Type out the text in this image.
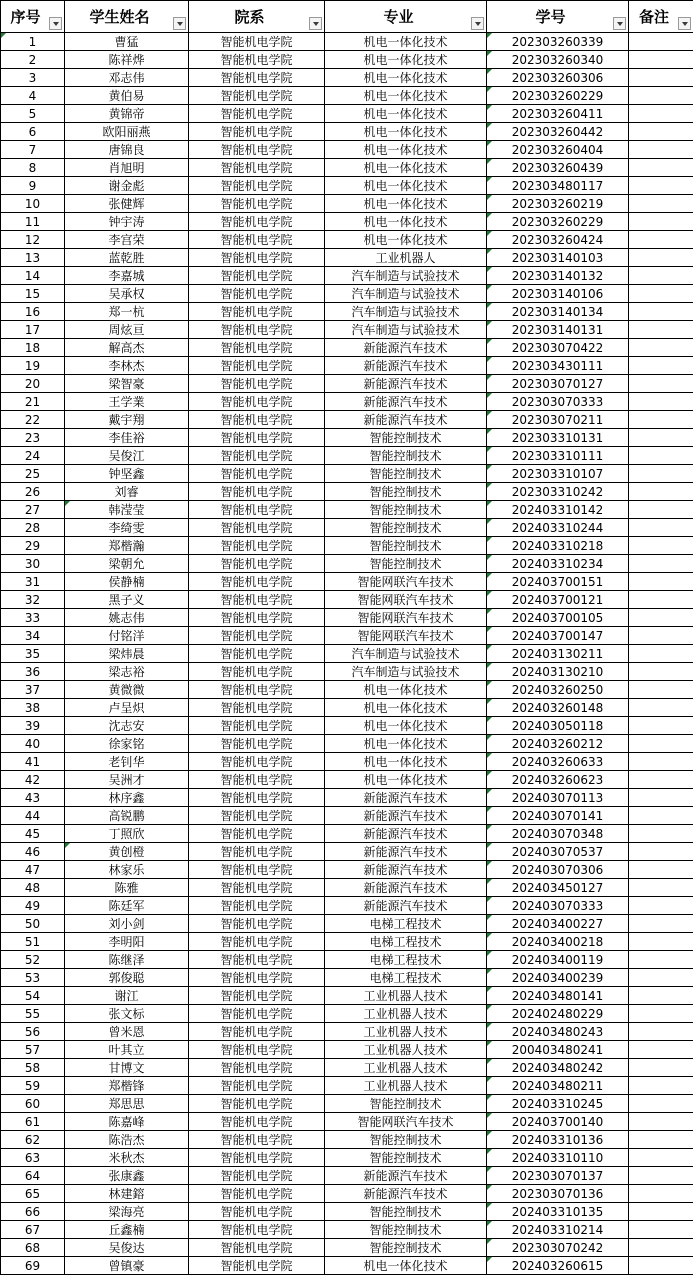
序号	学生姓名	院系	专业	学号	备注

1	曹猛	智能机电学院	机电一体化技术	202303260339	
2	陈祥烨	智能机电学院	机电一体化技术	202303260340	
3	邓志伟	智能机电学院	机电一体化技术	202303260306	
4	黄伯易	智能机电学院	机电一体化技术	202303260229	
5	黄锦帝	智能机电学院	机电一体化技术	202303260411	
6	欧阳丽燕	智能机电学院	机电一体化技术	202303260442	
7	唐锦良	智能机电学院	机电一体化技术	202303260404	
8	肖旭明	智能机电学院	机电一体化技术	202303260439	
9	谢金彪	智能机电学院	机电一体化技术	202303480117	
10	张健辉	智能机电学院	机电一体化技术	202303260219	
11	钟宇涛	智能机电学院	机电一体化技术	202303260229	
12	李宫荣	智能机电学院	机电一体化技术	202303260424	
13	蓝乾胜	智能机电学院	工业机器人	202303140103	
14	李嘉城	智能机电学院	汽车制造与试验技术	202303140132	
15	吴承权	智能机电学院	汽车制造与试验技术	202303140106	
16	郑一杭	智能机电学院	汽车制造与试验技术	202303140134	
17	周炫亘	智能机电学院	汽车制造与试验技术	202303140131	
18	解高杰	智能机电学院	新能源汽车技术	202303070422	
19	李林杰	智能机电学院	新能源汽车技术	202303430111	
20	梁智豪	智能机电学院	新能源汽车技术	202303070127	
21	王学業	智能机电学院	新能源汽车技术	202303070333	
22	戴宇翔	智能机电学院	新能源汽车技术	202303070211	
23	李佳裕	智能机电学院	智能控制技术	202303310131	
24	吴俊江	智能机电学院	智能控制技术	202303310111	
25	钟坚鑫	智能机电学院	智能控制技术	202303310107	
26	刘睿	智能机电学院	智能控制技术	202303310242	
27	韩滢莹	智能机电学院	智能控制技术	202403310142	
28	李绮雯	智能机电学院	智能控制技术	202403310244	
29	郑楷瀚	智能机电学院	智能控制技术	202403310218	
30	梁朝允	智能机电学院	智能控制技术	202403310234	
31	侯静楠	智能机电学院	智能网联汽车技术	202403700151	
32	黑子义	智能机电学院	智能网联汽车技术	202403700121	
33	姚志伟	智能机电学院	智能网联汽车技术	202403700105	
34	付铭洋	智能机电学院	智能网联汽车技术	202403700147	
35	梁炜晨	智能机电学院	汽车制造与试验技术	202403130211	
36	梁志裕	智能机电学院	汽车制造与试验技术	202403130210	
37	黄微微	智能机电学院	机电一体化技术	202403260250	
38	卢呈炽	智能机电学院	机电一体化技术	202403260148	
39	沈志安	智能机电学院	机电一体化技术	202403050118	
40	徐家铭	智能机电学院	机电一体化技术	202403260212	
41	老钊华	智能机电学院	机电一体化技术	202403260633	
42	吴洲才	智能机电学院	机电一体化技术	202403260623	
43	林序鑫	智能机电学院	新能源汽车技术	202403070113	
44	高锐鹏	智能机电学院	新能源汽车技术	202403070141	
45	丁照欣	智能机电学院	新能源汽车技术	202403070348	
46	黄创橙	智能机电学院	新能源汽车技术	202403070537	
47	林家乐	智能机电学院	新能源汽车技术	202403070306	
48	陈雅	智能机电学院	新能源汽车技术	202403450127	
49	陈廷军	智能机电学院	新能源汽车技术	202403070333	
50	刘小剑	智能机电学院	电梯工程技术	202403400227	
51	李明阳	智能机电学院	电梯工程技术	202403400218	
52	陈继泽	智能机电学院	电梯工程技术	202403400119	
53	郭俊聪	智能机电学院	电梯工程技术	202403400239	
54	谢江	智能机电学院	工业机器人技术	202403480141	
55	张文标	智能机电学院	工业机器人技术	202402480229	
56	曾米恩	智能机电学院	工业机器人技术	202403480243	
57	叶其立	智能机电学院	工业机器人技术	200403480241	
58	甘博文	智能机电学院	工业机器人技术	202403480242	
59	郑楷锋	智能机电学院	工业机器人技术	202403480211	
60	郑思思	智能机电学院	智能控制技术	202403310245	
61	陈嘉峰	智能机电学院	智能网联汽车技术	202403700140	
62	陈浩杰	智能机电学院	智能控制技术	202403310136	
63	米秋杰	智能机电学院	智能控制技术	202403310110	
64	张康鑫	智能机电学院	新能源汽车技术	202303070137	
65	林建鎔	智能机电学院	新能源汽车技术	202303070136	
66	梁海亮	智能机电学院	智能控制技术	202403310135	
67	丘鑫楠	智能机电学院	智能控制技术	202403310214	
68	吴俊达	智能机电学院	智能控制技术	202303070242	
69	曾镇豪	智能机电学院	机电一体化技术	202403260615	
